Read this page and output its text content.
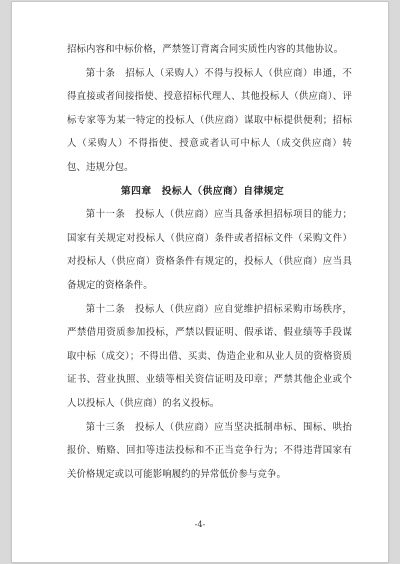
招标内容和中标价格，严禁签订背离合同实质性内容的其他协议。

第十条　招标人（采购人）不得与投标人（供应商）串通，不得直接或者间接指使、授意招标代理人、其他投标人（供应商）、评标专家等为某一特定的投标人（供应商）谋取中标提供便利；招标人（采购人）不得指使、授意或者认可中标人（成交供应商）转包、违规分包。

第四章　投标人（供应商）自律规定

第十一条　投标人（供应商）应当具备承担招标项目的能力；国家有关规定对投标人（供应商）条件或者招标文件（采购文件）对投标人（供应商）资格条件有规定的，投标人（供应商）应当具备规定的资格条件。

第十二条　投标人（供应商）应自觉维护招标采购市场秩序，严禁借用资质参加投标，严禁以假证明、假承诺、假业绩等手段谋取中标（成交）；不得出借、买卖、伪造企业和从业人员的资格资质证书、营业执照、业绩等相关资信证明及印章；严禁其他企业或个人以投标人（供应商）的名义投标。

第十三条　投标人（供应商）应当坚决抵制串标、围标、哄抬报价、贿赂、回扣等违法投标和不正当竞争行为；不得违背国家有关价格规定或以可能影响履约的异常低价参与竞争。

-4-
